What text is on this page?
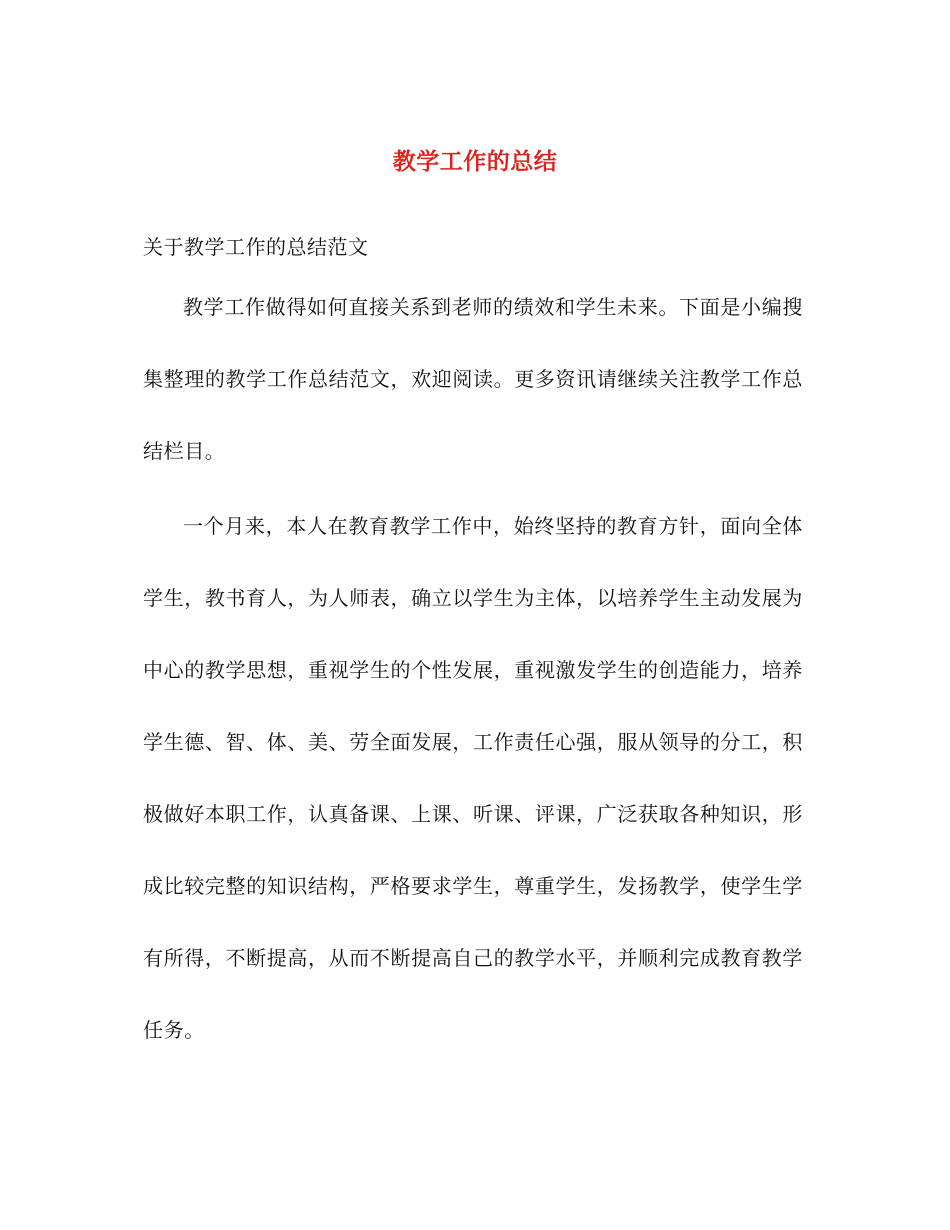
教学工作的总结
关于教学工作的总结范文

教学工作做得如何直接关系到老师的绩效和学生未来。下面是小编搜集整理的教学工作总结范文，欢迎阅读。更多资讯请继续关注教学工作总结栏目。

一个月来，本人在教育教学工作中，始终坚持的教育方针，面向全体学生，教书育人，为人师表，确立以学生为主体，以培养学生主动发展为中心的教学思想，重视学生的个性发展，重视激发学生的创造能力，培养学生德、智、体、美、劳全面发展，工作责任心强，服从领导的分工，积极做好本职工作，认真备课、上课、听课、评课，广泛获取各种知识，形成比较完整的知识结构，严格要求学生，尊重学生，发扬教学，使学生学有所得，不断提高，从而不断提高自己的教学水平，并顺利完成教育教学任务。
